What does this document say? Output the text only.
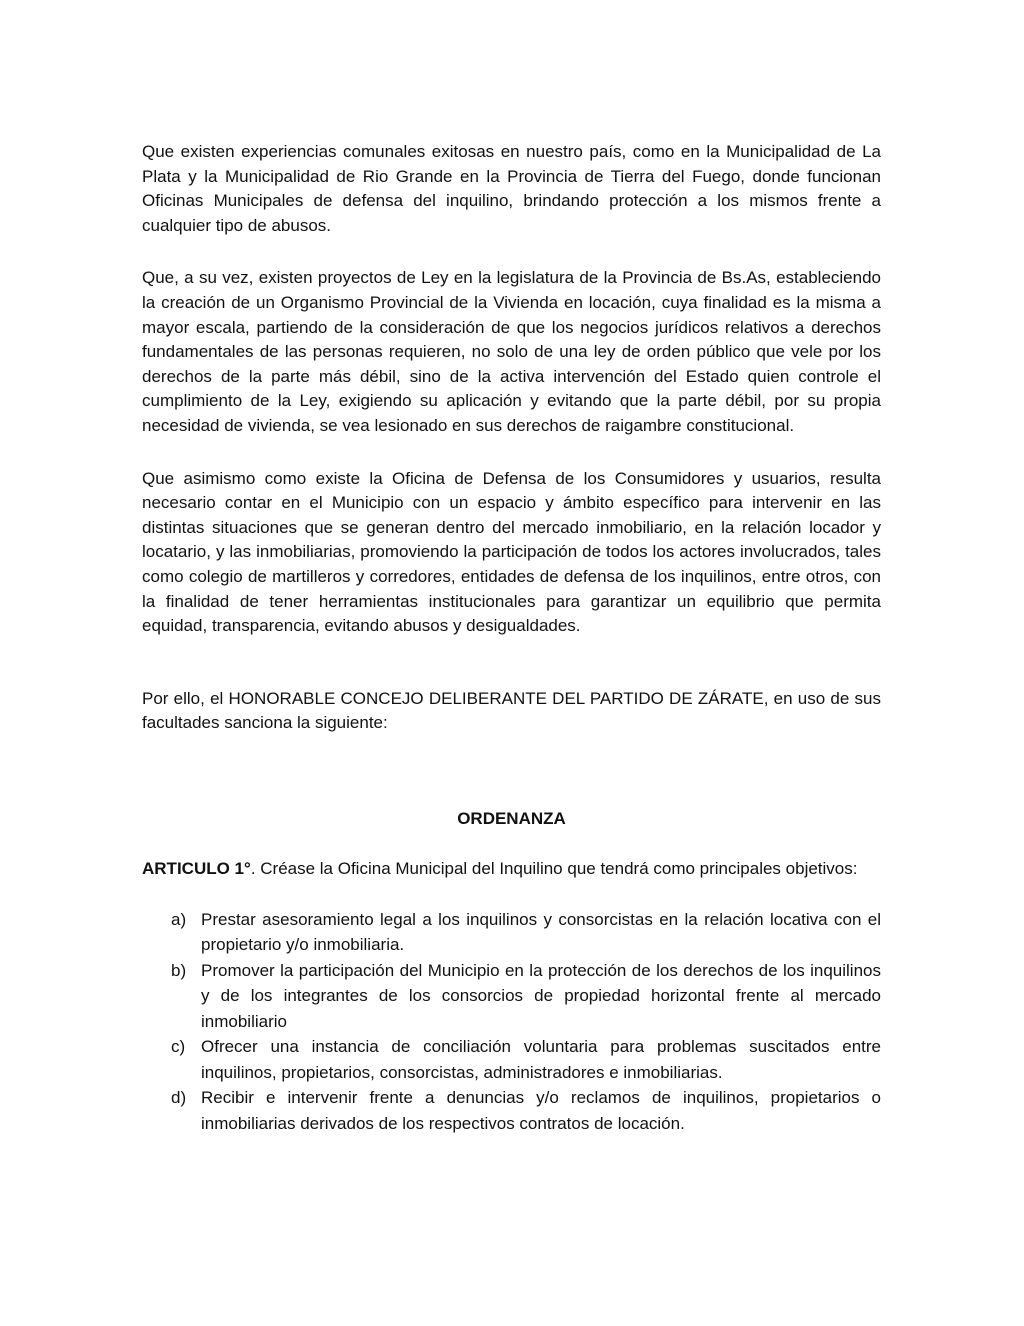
Que existen experiencias comunales exitosas en nuestro país, como en la Municipalidad de La Plata y la Municipalidad de Rio Grande en la Provincia de Tierra del Fuego, donde funcionan Oficinas Municipales de defensa del inquilino, brindando protección a los mismos frente a cualquier tipo de abusos.

Que, a su vez, existen proyectos de Ley en la legislatura de la Provincia de Bs.As, estableciendo la creación de un Organismo Provincial de la Vivienda en locación, cuya finalidad es la misma a mayor escala, partiendo de la consideración de que los negocios jurídicos relativos a derechos fundamentales de las personas requieren, no solo de una ley de orden público que vele por los derechos de la parte más débil, sino de la activa intervención del Estado quien controle el cumplimiento de la Ley, exigiendo su aplicación y evitando que la parte débil, por su propia necesidad de vivienda, se vea lesionado en sus derechos de raigambre constitucional.

Que asimismo como existe la Oficina de Defensa de los Consumidores y usuarios, resulta necesario contar en el Municipio con un espacio y ámbito específico para intervenir en las distintas situaciones que se generan dentro del mercado inmobiliario, en la relación locador y locatario, y las inmobiliarias, promoviendo la participación de todos los actores involucrados, tales como colegio de martilleros y corredores, entidades de defensa de los inquilinos, entre otros, con la finalidad de tener herramientas institucionales para garantizar un equilibrio que permita equidad, transparencia, evitando abusos y desigualdades.

Por ello, el HONORABLE CONCEJO DELIBERANTE DEL PARTIDO DE ZÁRATE, en uso de sus facultades sanciona la siguiente:

ORDENANZA

ARTICULO 1°. Créase la Oficina Municipal del Inquilino que tendrá como principales objetivos:

a) Prestar asesoramiento legal a los inquilinos y consorcistas en la relación locativa con el propietario y/o inmobiliaria.
b) Promover la participación del Municipio en la protección de los derechos de los inquilinos y de los integrantes de los consorcios de propiedad horizontal frente al mercado inmobiliario
c) Ofrecer una instancia de conciliación voluntaria para problemas suscitados entre inquilinos, propietarios, consorcistas, administradores e inmobiliarias.
d) Recibir e intervenir frente a denuncias y/o reclamos de inquilinos, propietarios o inmobiliarias derivados de los respectivos contratos de locación.
